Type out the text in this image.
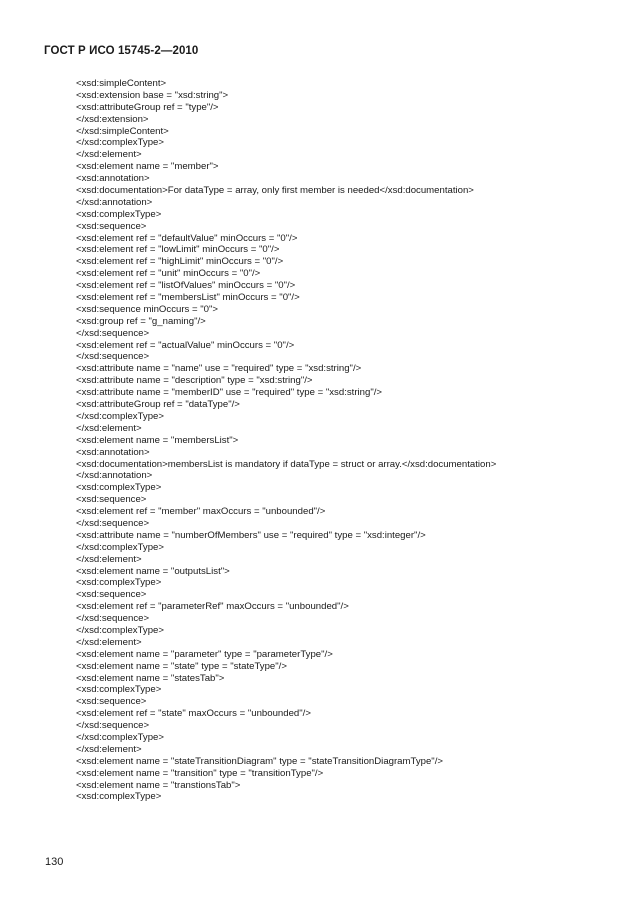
ГОСТ Р ИСО 15745-2—2010
<xsd:simpleContent>
<xsd:extension base = "xsd:string">
<xsd:attributeGroup ref = "type"/>
</xsd:extension>
</xsd:simpleContent>
</xsd:complexType>
</xsd:element>
<xsd:element name = "member">
<xsd:annotation>
<xsd:documentation>For dataType = array, only first member is needed</xsd:documentation>
</xsd:annotation>
<xsd:complexType>
<xsd:sequence>
<xsd:element ref = "defaultValue" minOccurs = "0"/>
<xsd:element ref = "lowLimit" minOccurs = "0"/>
<xsd:element ref = "highLimit" minOccurs = "0"/>
<xsd:element ref = "unit" minOccurs = "0"/>
<xsd:element ref = "listOfValues" minOccurs = "0"/>
<xsd:element ref = "membersList" minOccurs = "0"/>
<xsd:sequence minOccurs = "0">
<xsd:group ref = "g_naming"/>
</xsd:sequence>
<xsd:element ref = "actualValue" minOccurs = "0"/>
</xsd:sequence>
<xsd:attribute name = "name" use = "required" type = "xsd:string"/>
<xsd:attribute name = "description" type = "xsd:string"/>
<xsd:attribute name = "memberID" use = "required" type = "xsd:string"/>
<xsd:attributeGroup ref = "dataType"/>
</xsd:complexType>
</xsd:element>
<xsd:element name = "membersList">
<xsd:annotation>
<xsd:documentation>membersList is mandatory if dataType = struct or array.</xsd:documentation>
</xsd:annotation>
<xsd:complexType>
<xsd:sequence>
<xsd:element ref = "member" maxOccurs = "unbounded"/>
</xsd:sequence>
<xsd:attribute name = "numberOfMembers" use = "required" type = "xsd:integer"/>
</xsd:complexType>
</xsd:element>
<xsd:element name = "outputsList">
<xsd:complexType>
<xsd:sequence>
<xsd:element ref = "parameterRef" maxOccurs = "unbounded"/>
</xsd:sequence>
</xsd:complexType>
</xsd:element>
<xsd:element name = "parameter" type = "parameterType"/>
<xsd:element name = "state" type = "stateType"/>
<xsd:element name = "statesTab">
<xsd:complexType>
<xsd:sequence>
<xsd:element ref = "state" maxOccurs = "unbounded"/>
</xsd:sequence>
</xsd:complexType>
</xsd:element>
<xsd:element name = "stateTransitionDiagram" type = "stateTransitionDiagramType"/>
<xsd:element name = "transition" type = "transitionType"/>
<xsd:element name = "transtionsTab">
<xsd:complexType>
130
